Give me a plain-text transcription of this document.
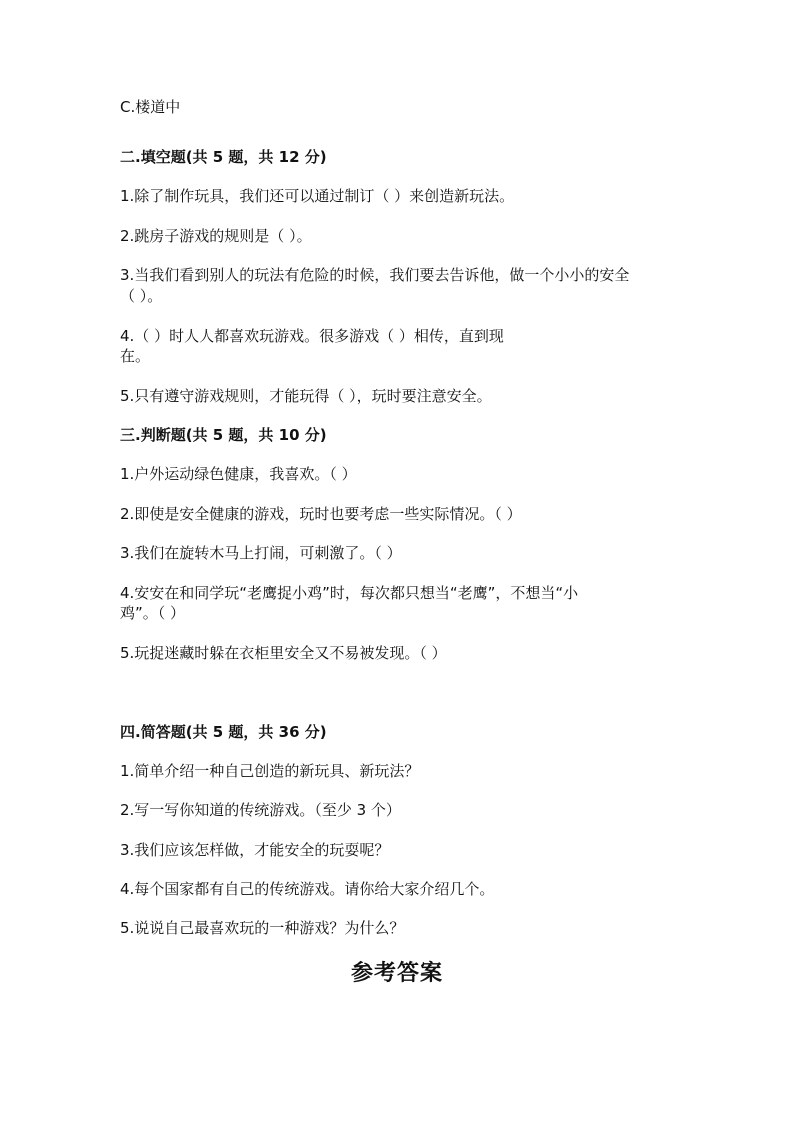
C.楼道中
二.填空题(共 5 题，共 12 分)
1.除了制作玩具，我们还可以通过制订（ ）来创造新玩法。
2.跳房子游戏的规则是（ ）。
3.当我们看到别人的玩法有危险的时候，我们要去告诉他，做一个小小的安全
（ ）。
4.（ ）时人人都喜欢玩游戏。很多游戏（ ）相传，直到现
在。
5.只有遵守游戏规则，才能玩得（ ），玩时要注意安全。
三.判断题(共 5 题，共 10 分)
1.户外运动绿色健康，我喜欢。（ ）
2.即使是安全健康的游戏，玩时也要考虑一些实际情况。（ ）
3.我们在旋转木马上打闹，可刺激了。（ ）
4.安安在和同学玩“老鹰捉小鸡”时，每次都只想当“老鹰”，不想当“小
鸡”。（ ）
5.玩捉迷藏时躲在衣柜里安全又不易被发现。（ ）
四.简答题(共 5 题，共 36 分)
1.简单介绍一种自己创造的新玩具、新玩法？
2.写一写你知道的传统游戏。（至少 3 个）
3.我们应该怎样做，才能安全的玩耍呢？
4.每个国家都有自己的传统游戏。请你给大家介绍几个。
5.说说自己最喜欢玩的一种游戏？为什么？
参考答案
